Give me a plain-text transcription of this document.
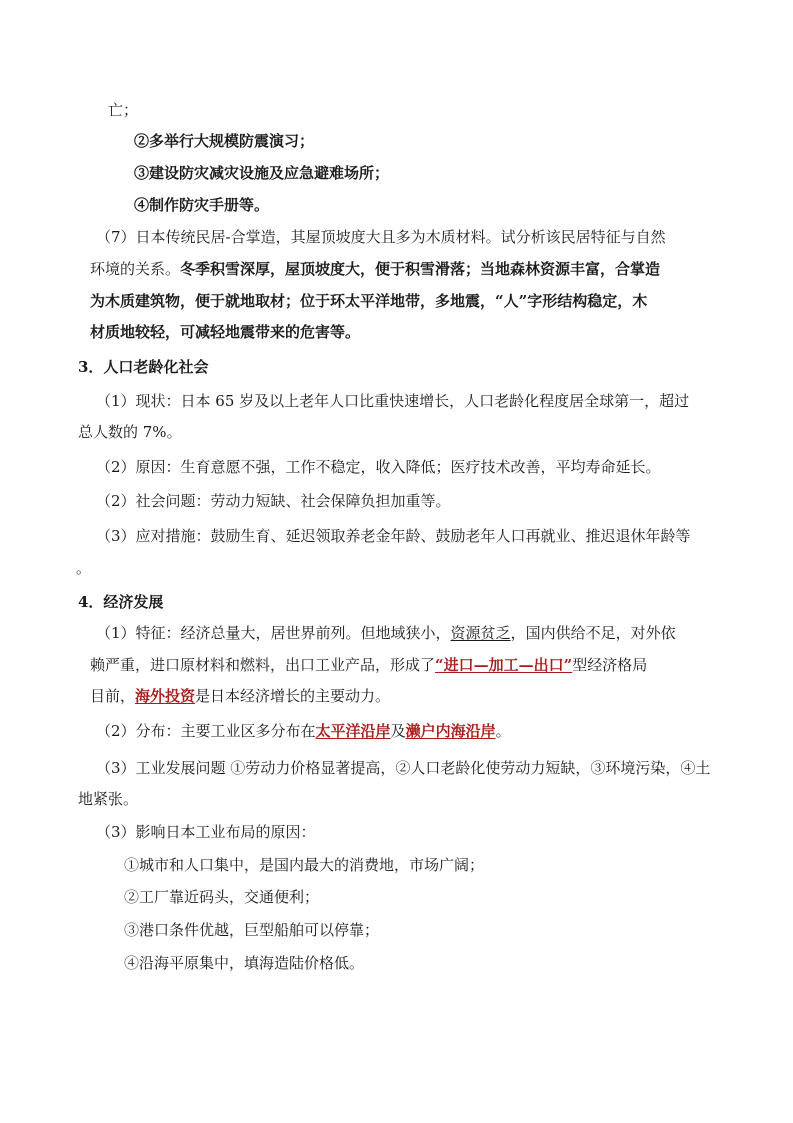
亡；
②多举行大规模防震演习；
③建设防灾减灾设施及应急避难场所；
④制作防灾手册等。
（7）日本传统民居-合掌造，其屋顶坡度大且多为木质材料。试分析该民居特征与自然
环境的关系。冬季积雪深厚，屋顶坡度大，便于积雪滑落；当地森林资源丰富，合掌造
为木质建筑物，便于就地取材；位于环太平洋地带，多地震，“人”字形结构稳定，木
材质地较轻，可减轻地震带来的危害等。
3．人口老龄化社会
（1）现状：日本 65 岁及以上老年人口比重快速增长，人口老龄化程度居全球第一，超过
总人数的 7%。
（2）原因：生育意愿不强，工作不稳定，收入降低；医疗技术改善，平均寿命延长。
（2）社会问题：劳动力短缺、社会保障负担加重等。
（3）应对措施：鼓励生育、延迟领取养老金年龄、鼓励老年人口再就业、推迟退休年龄等
。
4．经济发展
（1）特征：经济总量大，居世界前列。但地域狭小，资源贫乏，国内供给不足，对外依
赖严重，进口原材料和燃料，出口工业产品，形成了“进口—加工—出口”型经济格局
目前，海外投资是日本经济增长的主要动力。
（2）分布：主要工业区多分布在太平洋沿岸及濑户内海沿岸。
（3）工业发展问题 ①劳动力价格显著提高，②人口老龄化使劳动力短缺，③环境污染，④土
地紧张。
（3）影响日本工业布局的原因：
①城市和人口集中，是国内最大的消费地，市场广阔；
②工厂靠近码头，交通便利；
③港口条件优越，巨型船舶可以停靠；
④沿海平原集中，填海造陆价格低。
